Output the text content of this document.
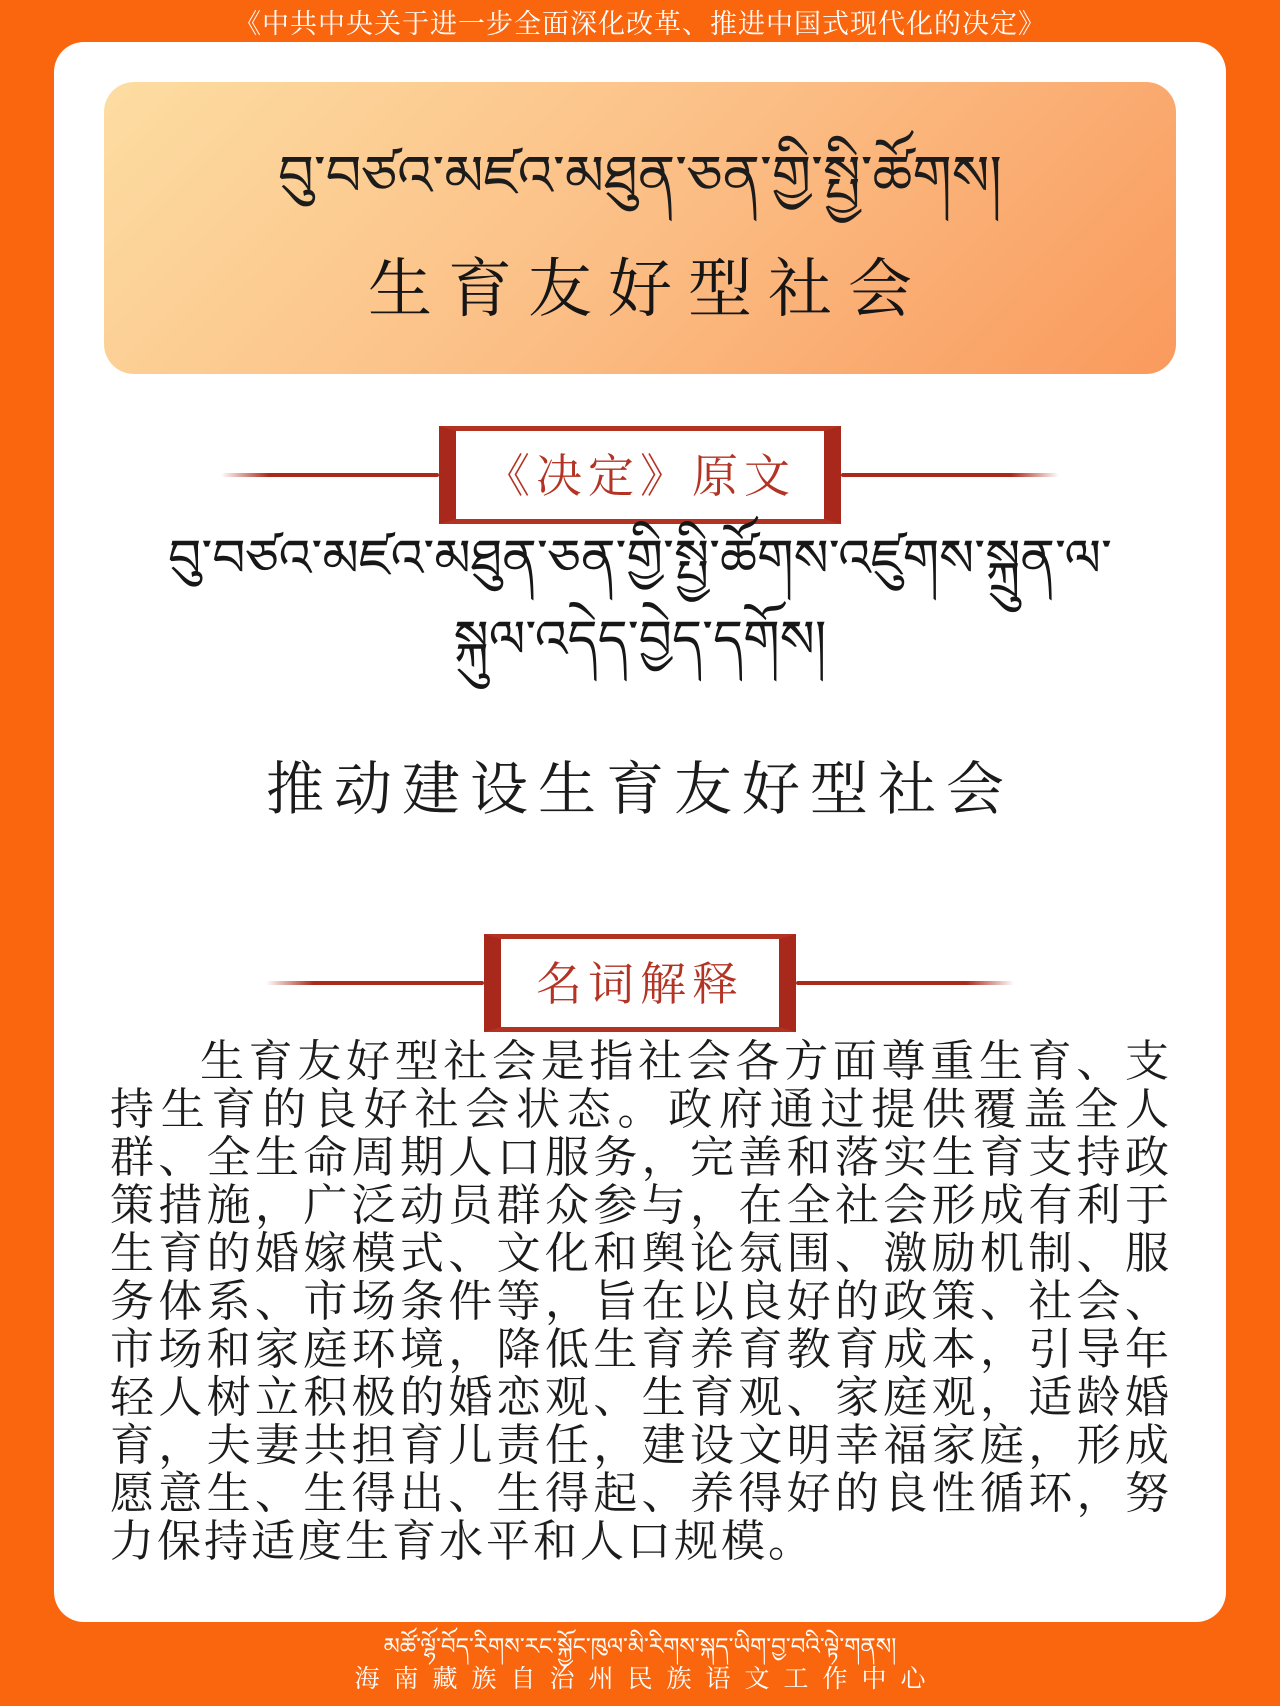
《中共中央关于进一步全面深化改革、推进中国式现代化的决定》
བུ་བཙའ་མཛའ་མཐུན་ཅན་གྱི་སྤྱི་ཚོགས།
生育友好型社会
《决定》原文
བུ་བཙའ་མཛའ་མཐུན་ཅན་གྱི་སྤྱི་ཚོགས་འཛུགས་སྐྲུན་ལ་ སྐུལ་འདེད་བྱེད་དགོས།
推动建设生育友好型社会
名词解释
生育友好型社会是指社会各方面尊重生育、支持生育的良好社会状态。政府通过提供覆盖全人群、全生命周期人口服务，完善和落实生育支持政策措施，广泛动员群众参与，在全社会形成有利于生育的婚嫁模式、文化和舆论氛围、激励机制、服务体系、市场条件等，旨在以良好的政策、社会、市场和家庭环境，降低生育养育教育成本，引导年轻人树立积极的婚恋观、生育观、家庭观，适龄婚育，夫妻共担育儿责任，建设文明幸福家庭，形成愿意生、生得出、生得起、养得好的良性循环，努力保持适度生育水平和人口规模。
མཚོ་ལྷོ་བོད་རིགས་རང་སྐྱོང་ཁུལ་མི་རིགས་སྐད་ཡིག་བྱ་བའི་ལྟེ་གནས།
海南藏族自治州民族语文工作中心
